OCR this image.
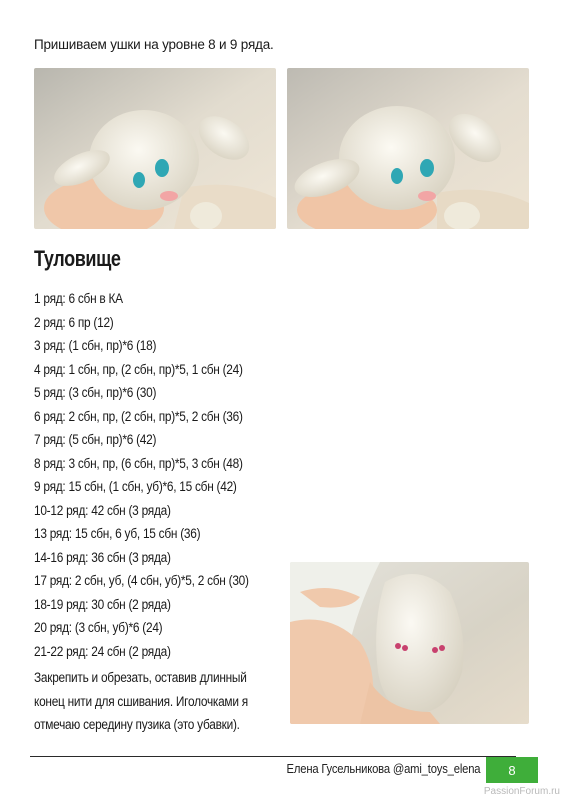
Пришиваем ушки на уровне 8 и 9 ряда.
Туловище
1 ряд: 6 сбн в КА
2 ряд: 6 пр (12)
3 ряд: (1 сбн, пр)*6 (18)
4 ряд: 1 сбн, пр, (2 сбн, пр)*5, 1 сбн (24)
5 ряд: (3 сбн, пр)*6 (30)
6 ряд: 2 сбн, пр, (2 сбн, пр)*5, 2 сбн (36)
7 ряд: (5 сбн, пр)*6 (42)
8 ряд: 3 сбн, пр, (6 сбн, пр)*5, 3 сбн (48)
9 ряд: 15 сбн, (1 сбн, уб)*6, 15 сбн (42)
10-12 ряд: 42 сбн (3 ряда)
13 ряд: 15 сбн, 6 уб, 15 сбн (36)
14-16 ряд: 36 сбн (3 ряда)
17 ряд: 2 сбн, уб, (4 сбн, уб)*5, 2 сбн (30)
18-19 ряд: 30 сбн (2 ряда)
20 ряд: (3 сбн, уб)*6 (24)
21-22 ряд: 24 сбн (2 ряда)
Закрепить и обрезать, оставив длинный
конец нити для сшивания. Иголочками я
отмечаю середину пузика (это убавки).
Елена Гусельникова @ami_toys_elena	8
PassionForum.ru
